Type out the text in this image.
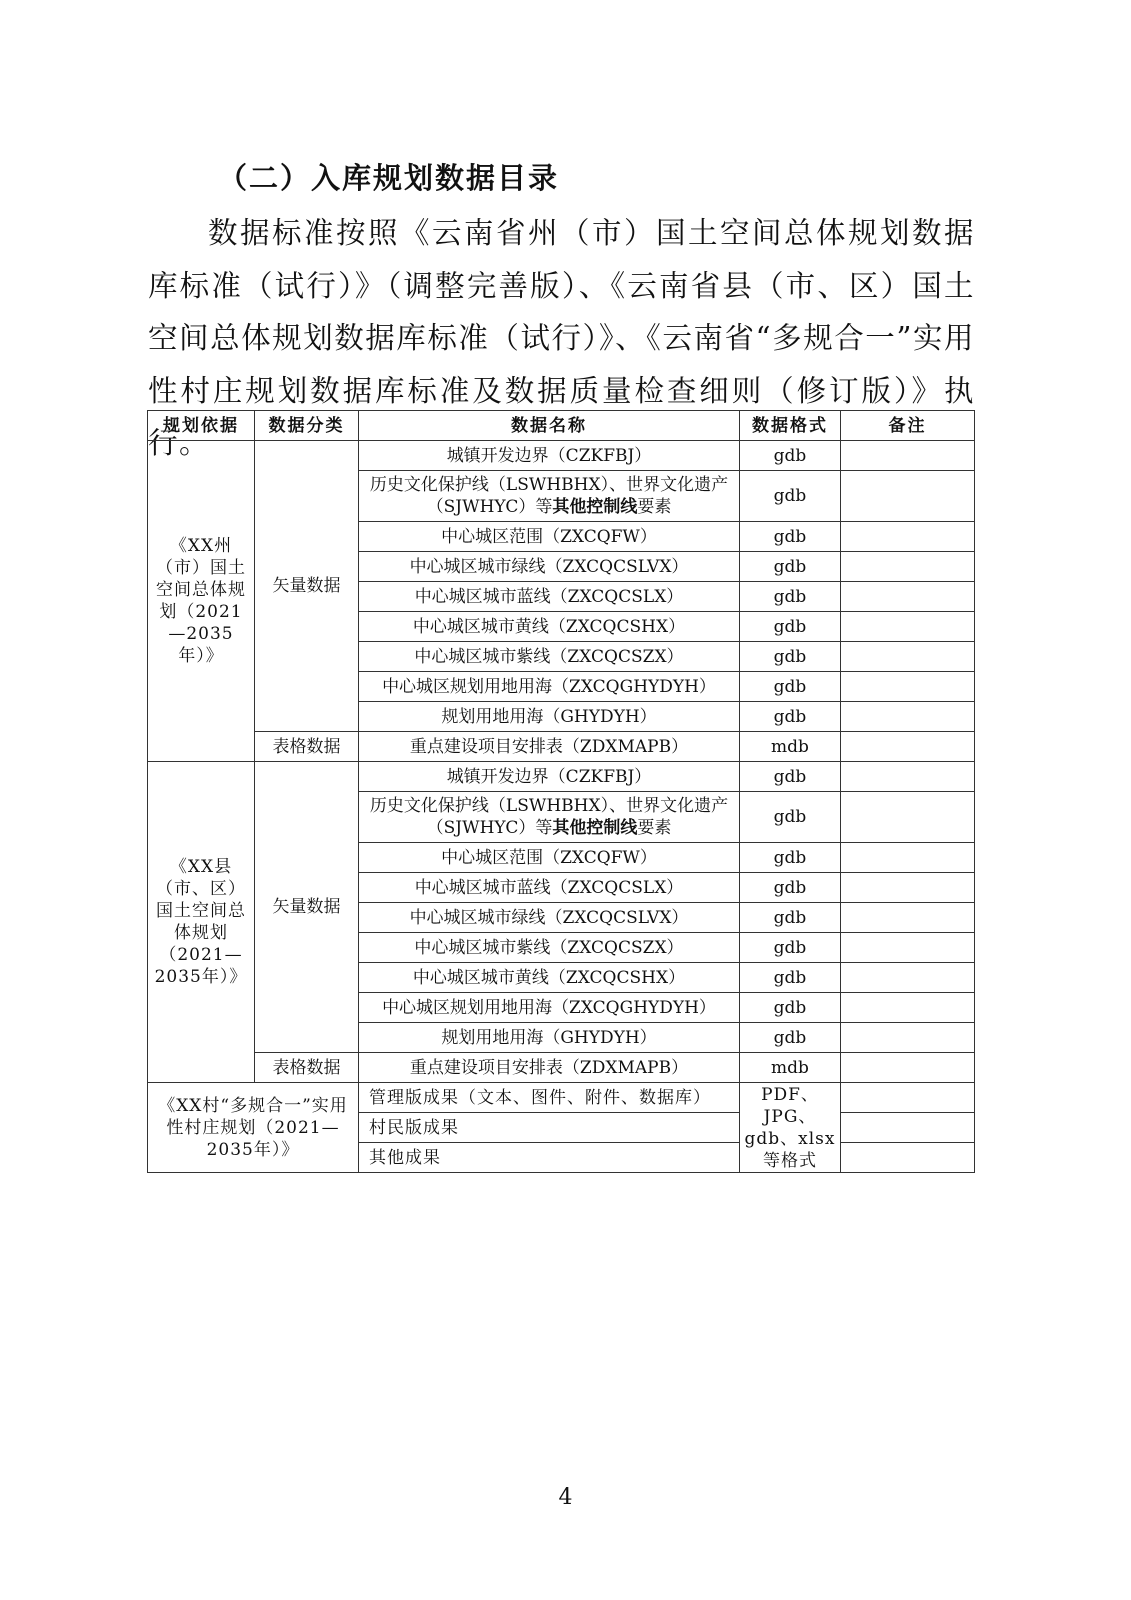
（二）入库规划数据目录
数据标准按照《云南省州（市）国土空间总体规划数据库标准（试行）》（调整完善版）、《云南省县（市、区）国土空间总体规划数据库标准（试行）》、《云南省“多规合一”实用性村庄规划数据库标准及数据质量检查细则（修订版）》执行。
规划依据	数据分类	数据名称	数据格式	备注
《XX州（市）国土空间总体规划（2021—2035年）》	矢量数据	城镇开发边界（CZKFBJ）	gdb	
		历史文化保护线（LSWHBHX）、世界文化遗产（SJWHYC）等其他控制线要素	gdb	
		中心城区范围（ZXCQFW）	gdb	
		中心城区城市绿线（ZXCQCSLVX）	gdb	
		中心城区城市蓝线（ZXCQCSLX）	gdb	
		中心城区城市黄线（ZXCQCSHX）	gdb	
		中心城区城市紫线（ZXCQCSZX）	gdb	
		中心城区规划用地用海（ZXCQGHYDYH）	gdb	
		规划用地用海（GHYDYH）	gdb	
	表格数据	重点建设项目安排表（ZDXMAPB）	mdb	
《XX县（市、区）国土空间总体规划（2021—2035年）》	矢量数据	城镇开发边界（CZKFBJ）	gdb	
		历史文化保护线（LSWHBHX）、世界文化遗产（SJWHYC）等其他控制线要素	gdb	
		中心城区范围（ZXCQFW）	gdb	
		中心城区城市蓝线（ZXCQCSLX）	gdb	
		中心城区城市绿线（ZXCQCSLVX）	gdb	
		中心城区城市紫线（ZXCQCSZX）	gdb	
		中心城区城市黄线（ZXCQCSHX）	gdb	
		中心城区规划用地用海（ZXCQGHYDYH）	gdb	
		规划用地用海（GHYDYH）	gdb	
	表格数据	重点建设项目安排表（ZDXMAPB）	mdb	
《XX村“多规合一”实用性村庄规划（2021—2035年）》		管理版成果（文本、图件、附件、数据库）	PDF、JPG、gdb、xlsx等格式	
		村民版成果		
		其他成果		
4
